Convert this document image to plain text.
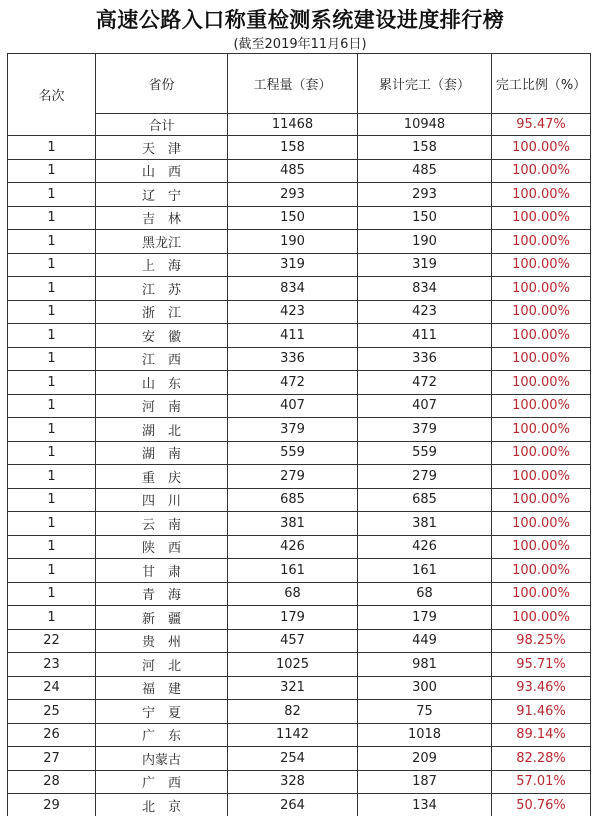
高速公路入口称重检测系统建设进度排行榜
(截至2019年11月6日)
名次	省份	工程量（套）	累计完工（套）	完工比例（%）
	合计	11468	10948	95.47%
1	天　津	158	158	100.00%
1	山　西	485	485	100.00%
1	辽　宁	293	293	100.00%
1	吉　林	150	150	100.00%
1	黑龙江	190	190	100.00%
1	上　海	319	319	100.00%
1	江　苏	834	834	100.00%
1	浙　江	423	423	100.00%
1	安　徽	411	411	100.00%
1	江　西	336	336	100.00%
1	山　东	472	472	100.00%
1	河　南	407	407	100.00%
1	湖　北	379	379	100.00%
1	湖　南	559	559	100.00%
1	重　庆	279	279	100.00%
1	四　川	685	685	100.00%
1	云　南	381	381	100.00%
1	陕　西	426	426	100.00%
1	甘　肃	161	161	100.00%
1	青　海	68	68	100.00%
1	新　疆	179	179	100.00%
22	贵　州	457	449	98.25%
23	河　北	1025	981	95.71%
24	福　建	321	300	93.46%
25	宁　夏	82	75	91.46%
26	广　东	1142	1018	89.14%
27	内蒙古	254	209	82.28%
28	广　西	328	187	57.01%
29	北　京	264	134	50.76%
